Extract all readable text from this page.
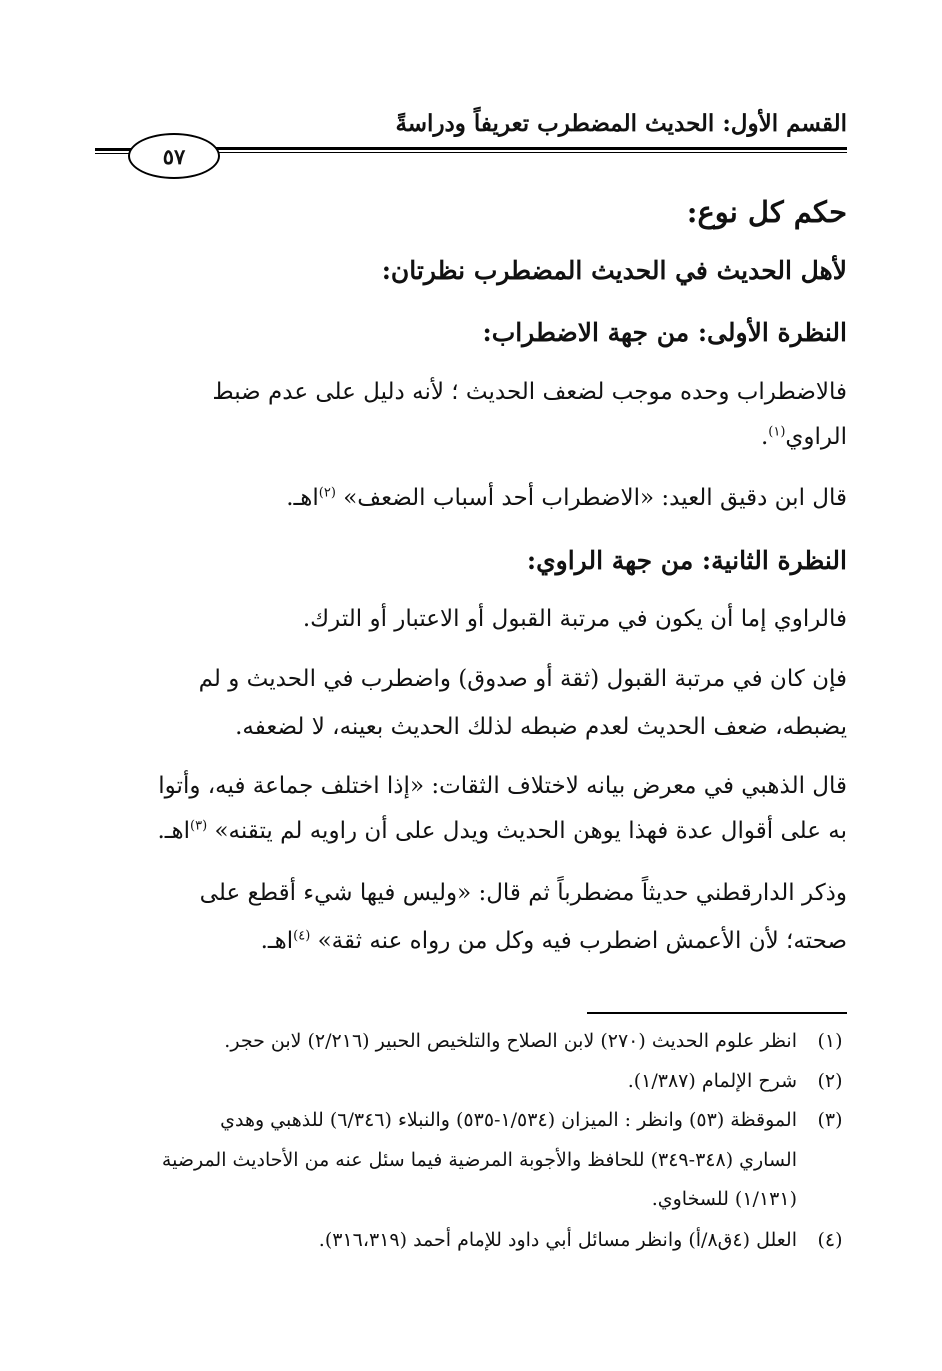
القسم الأول: الحديث المضطرب تعريفاً ودراسةً
٥٧
حكم كل نوع:
لأهل الحديث في الحديث المضطرب نظرتان:
النظرة الأولى: من جهة الاضطراب:
فالاضطراب وحده موجب لضعف الحديث ؛ لأنه دليل على عدم ضبط
الراوي$^{(١)}$.
قال ابن دقيق العيد: «الاضطراب أحد أسباب الضعف» $^{(٢)}$اهـ.
النظرة الثانية: من جهة الراوي:
فالراوي إما أن يكون في مرتبة القبول أو الاعتبار أو الترك.
فإن كان في مرتبة القبول (ثقة أو صدوق) واضطرب في الحديث و لم
يضبطه، ضعف الحديث لعدم ضبطه لذلك الحديث بعينه، لا لضعفه.
قال الذهبي في معرض بيانه لاختلاف الثقات: «إذا اختلف جماعة فيه، وأتوا
به على أقوال عدة فهذا يوهن الحديث ويدل على أن راويه لم يتقنه» $^{(٣)}$اهـ.
وذكر الدارقطني حديثاً مضطرباً ثم قال: «وليس فيها شيء أقطع على
صحته؛ لأن الأعمش اضطرب فيه وكل من رواه عنه ثقة» $^{(٤)}$اهـ.
(١)
انظر علوم الحديث (٢٧٠) لابن الصلاح والتلخيص الحبير (٢/٢١٦) لابن حجر.
(٢)
شرح الإلمام (١/٣٨٧).
(٣)
الموقظة (٥٣) وانظر : الميزان (١/٥٣٤-٥٣٥) والنبلاء (٦/٣٤٦) للذهبي وهدي
الساري (٣٤٨-٣٤٩) للحافظ والأجوبة المرضية فيما سئل عنه من الأحاديث المرضية
(١/١٣١) للسخاوي.
(٤)
العلل (٤ق٨/أ) وانظر مسائل أبي داود للإمام أحمد (٣١٦،٣١٩).
